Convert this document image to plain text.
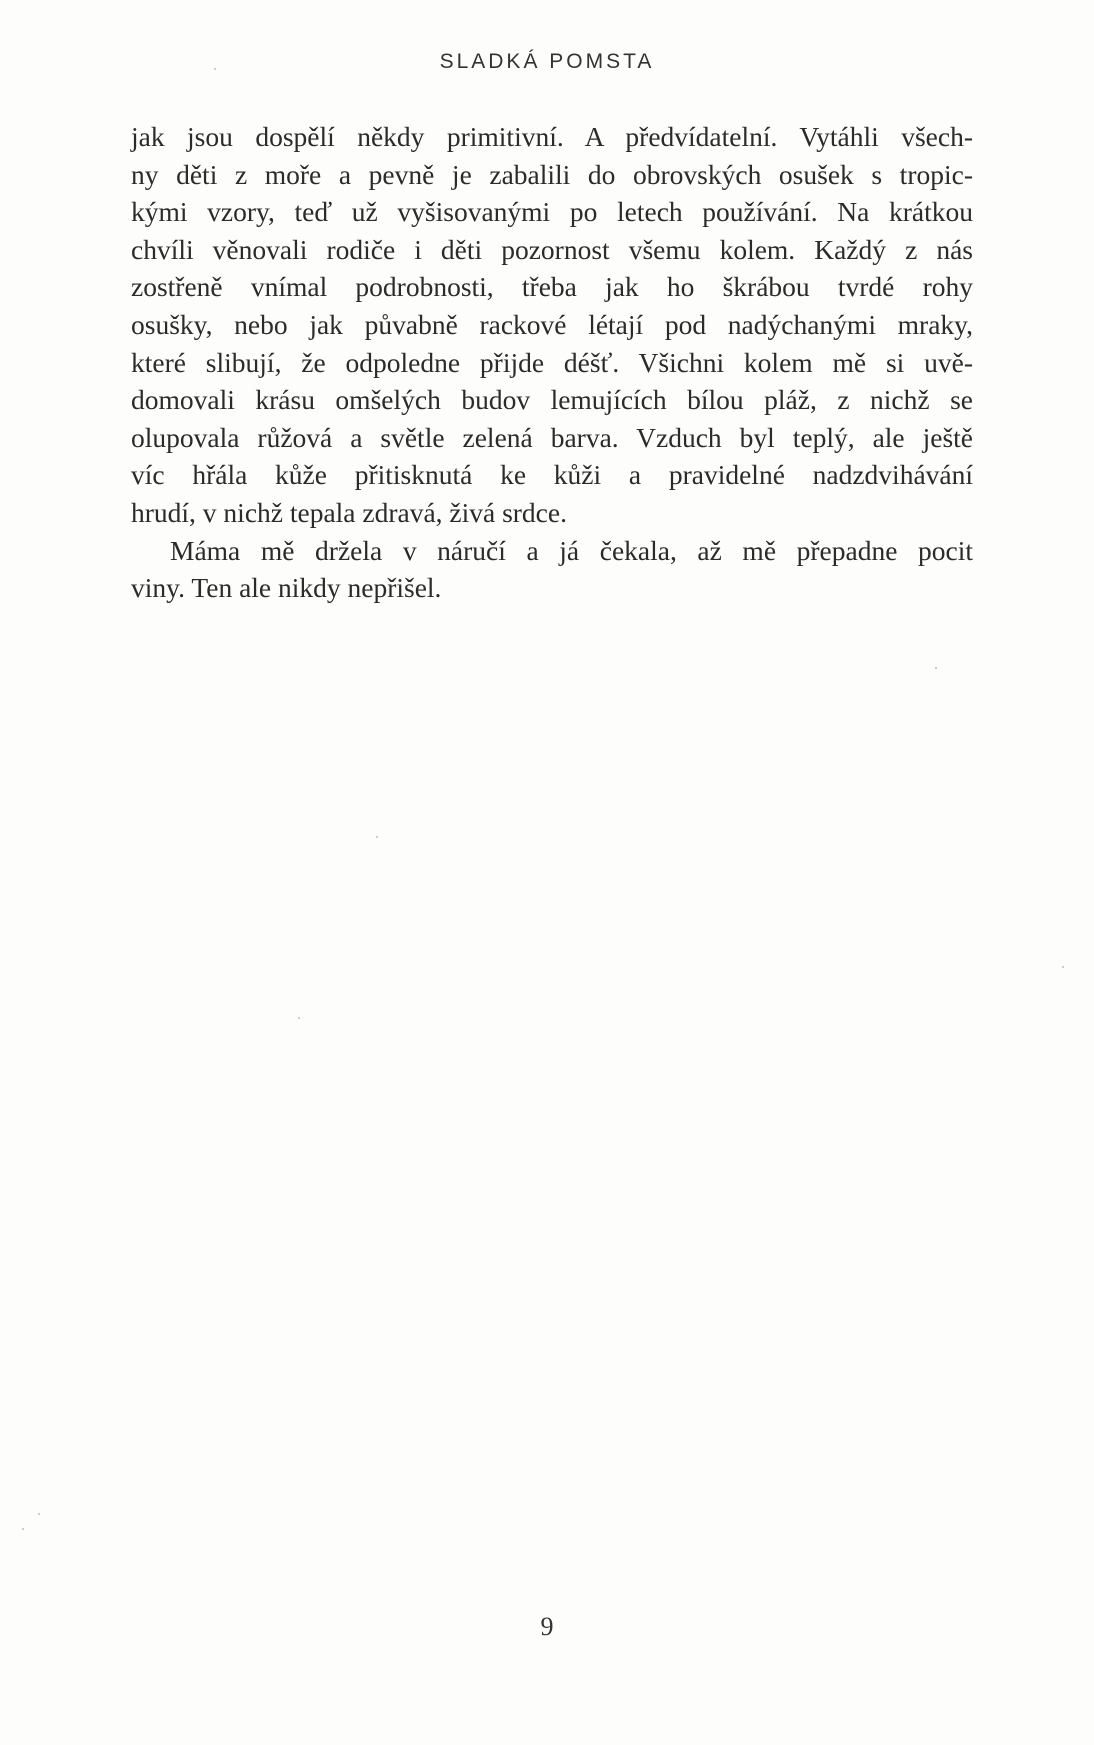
SLADKÁ POMSTA

jak jsou dospělí někdy primitivní. A předvídatelní. Vytáhli všech-
ny děti z moře a pevně je zabalili do obrovských osušek s tropic-
kými vzory, teď už vyšisovanými po letech používání. Na krátkou
chvíli věnovali rodiče i děti pozornost všemu kolem. Každý z nás
zostřeně vnímal podrobnosti, třeba jak ho škrábou tvrdé rohy
osušky, nebo jak půvabně rackové létají pod nadýchanými mraky,
které slibují, že odpoledne přijde déšť. Všichni kolem mě si uvě-
domovali krásu omšelých budov lemujících bílou pláž, z nichž se
olupovala růžová a světle zelená barva. Vzduch byl teplý, ale ještě
víc hřála kůže přitisknutá ke kůži a pravidelné nadzdvihávání
hrudí, v nichž tepala zdravá, živá srdce.

Máma mě držela v náručí a já čekala, až mě přepadne pocit
viny. Ten ale nikdy nepřišel.

9
